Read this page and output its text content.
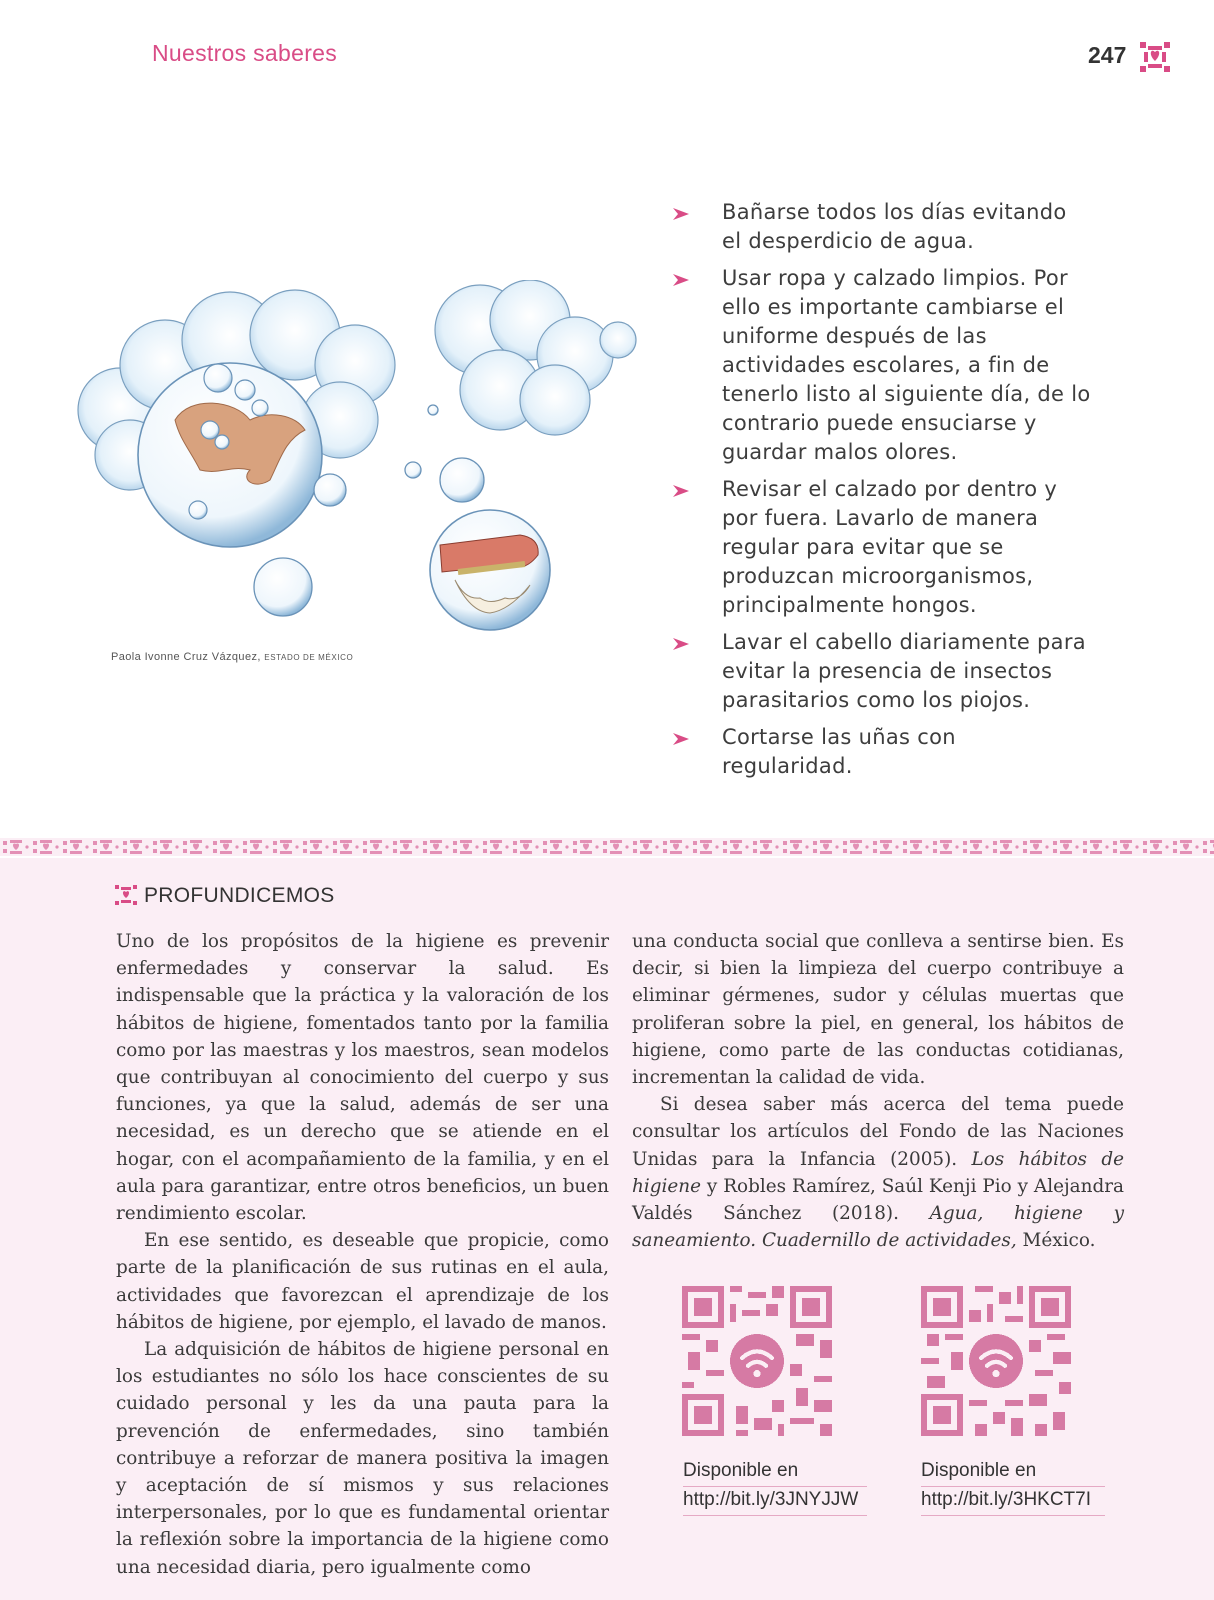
Nuestros saberes	247
Paola Ivonne Cruz Vázquez, ESTADO DE MÉXICO
Bañarse todos los días evitando el desperdicio de agua.
Usar ropa y calzado limpios. Por ello es importante cambiarse el uniforme después de las actividades escolares, a fin de tenerlo listo al siguiente día, de lo contrario puede ensuciarse y guardar malos olores.
Revisar el calzado por dentro y por fuera. Lavarlo de manera regular para evitar que se produzcan microorganismos, principalmente hongos.
Lavar el cabello diariamente para evitar la presencia de insectos parasitarios como los piojos.
Cortarse las uñas con regularidad.
PROFUNDICEMOS

Uno de los propósitos de la higiene es prevenir enfermedades y conservar la salud. Es indispensable que la práctica y la valoración de los hábitos de higiene, fomentados tanto por la familia como por las maestras y los maestros, sean modelos que contribuyan al conocimiento del cuerpo y sus funciones, ya que la salud, además de ser una necesidad, es un derecho que se atiende en el hogar, con el acompañamiento de la familia, y en el aula para garantizar, entre otros beneficios, un buen rendimiento escolar.

En ese sentido, es deseable que propicie, como parte de la planificación de sus rutinas en el aula, actividades que favorezcan el aprendizaje de los hábitos de higiene, por ejemplo, el lavado de manos.

La adquisición de hábitos de higiene personal en los estudiantes no sólo los hace conscientes de su cuidado personal y les da una pauta para la prevención de enfermedades, sino también contribuye a reforzar de manera positiva la imagen y aceptación de sí mismos y sus relaciones interpersonales, por lo que es fundamental orientar la reflexión sobre la importancia de la higiene como una necesidad diaria, pero igualmente como

una conducta social que conlleva a sentirse bien. Es decir, si bien la limpieza del cuerpo contribuye a eliminar gérmenes, sudor y células muertas que proliferan sobre la piel, en general, los hábitos de higiene, como parte de las conductas cotidianas, incrementan la calidad de vida.

Si desea saber más acerca del tema puede consultar los artículos del Fondo de las Naciones Unidas para la Infancia (2005). Los hábitos de higiene y Robles Ramírez, Saúl Kenji Pio y Alejandra Valdés Sánchez (2018). Agua, higiene y saneamiento. Cuadernillo de actividades, México.

Disponible en
http://bit.ly/3JNYJJW
Disponible en
http://bit.ly/3HKCT7I
